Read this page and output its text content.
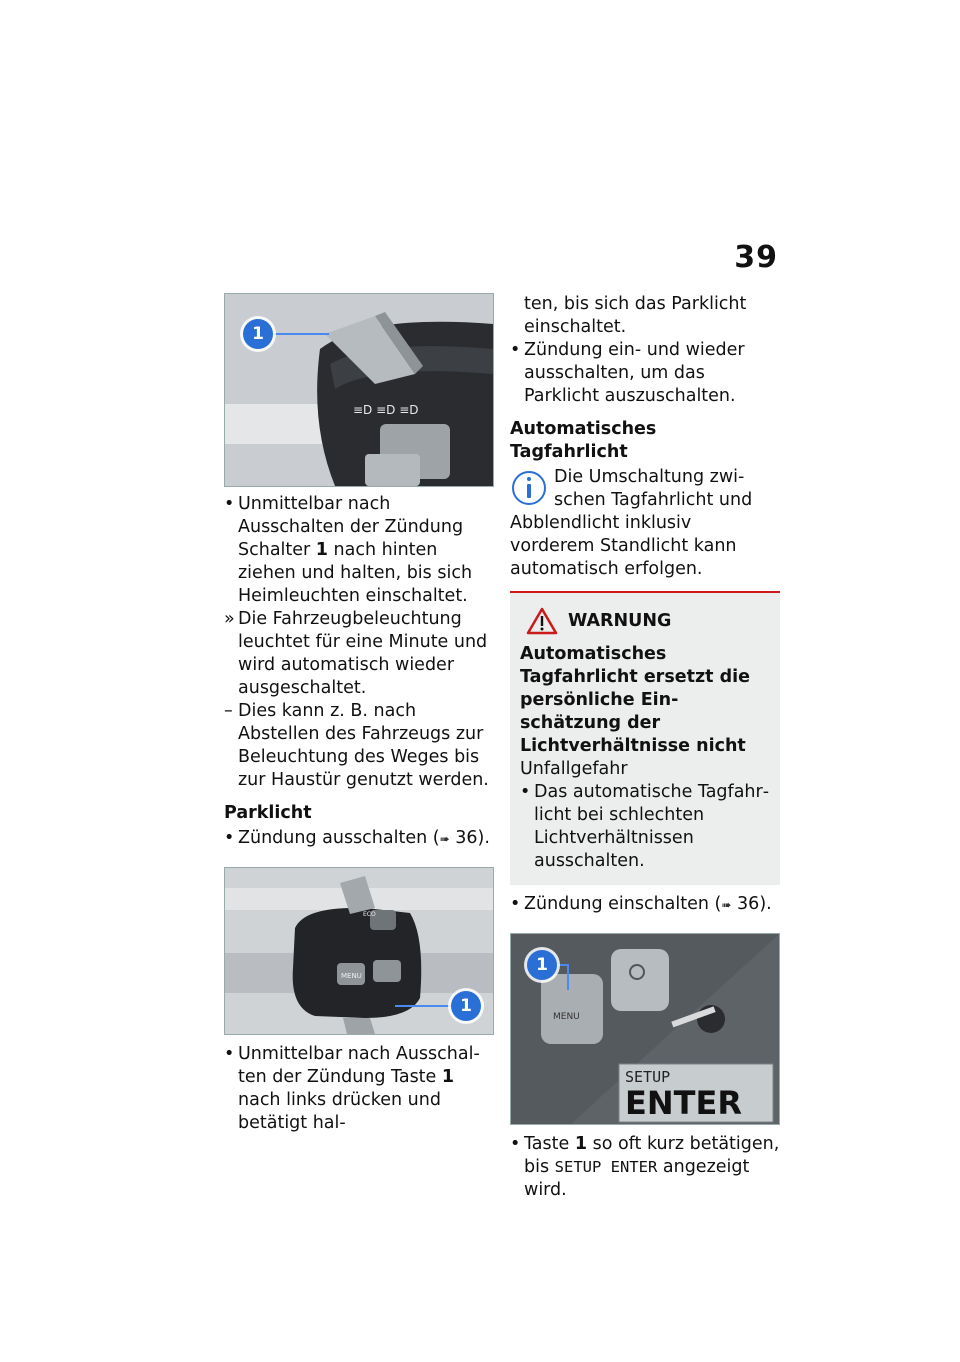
39
≡D ≡D ≡D
1

• Unmittelbar nach Ausschalten der Zündung Schalter 1 nach hinten ziehen und halten, bis sich Heimleuchten einschaltet.

» Die Fahrzeugbeleuchtung leuchtet für eine Minute und wird automatisch wieder ausgeschaltet.

– Dies kann z. B. nach Abstellen des Fahrzeugs zur Beleuchtung des Weges bis zur Haustür genutzt werden.

Parklicht

• Zündung ausschalten (➠ 36).

MENU
ECO
1

• Unmittelbar nach Ausschalten der Zündung Taste 1 nach links drücken und betätigt hal-

ten, bis sich das Parklicht einschaltet.

• Zündung ein- und wieder ausschalten, um das Parklicht auszuschalten.

Automatisches Tagfahrlicht

Die Umschaltung zwischen Tagfahrlicht und Abblendlicht inklusiv vorderem Standlicht kann automatisch erfolgen.

WARNUNG
Automatisches Tagfahrlicht ersetzt die persönliche Einschätzung der Lichtverhältnisse nicht
Unfallgefahr

• Das automatische Tagfahrlicht bei schlechten Lichtverhältnissen ausschalten.

• Zündung einschalten (➠ 36).

MENU
SETUP
ENTER
1

• Taste 1 so oft kurz betätigen, bis SETUP ENTER angezeigt wird.
